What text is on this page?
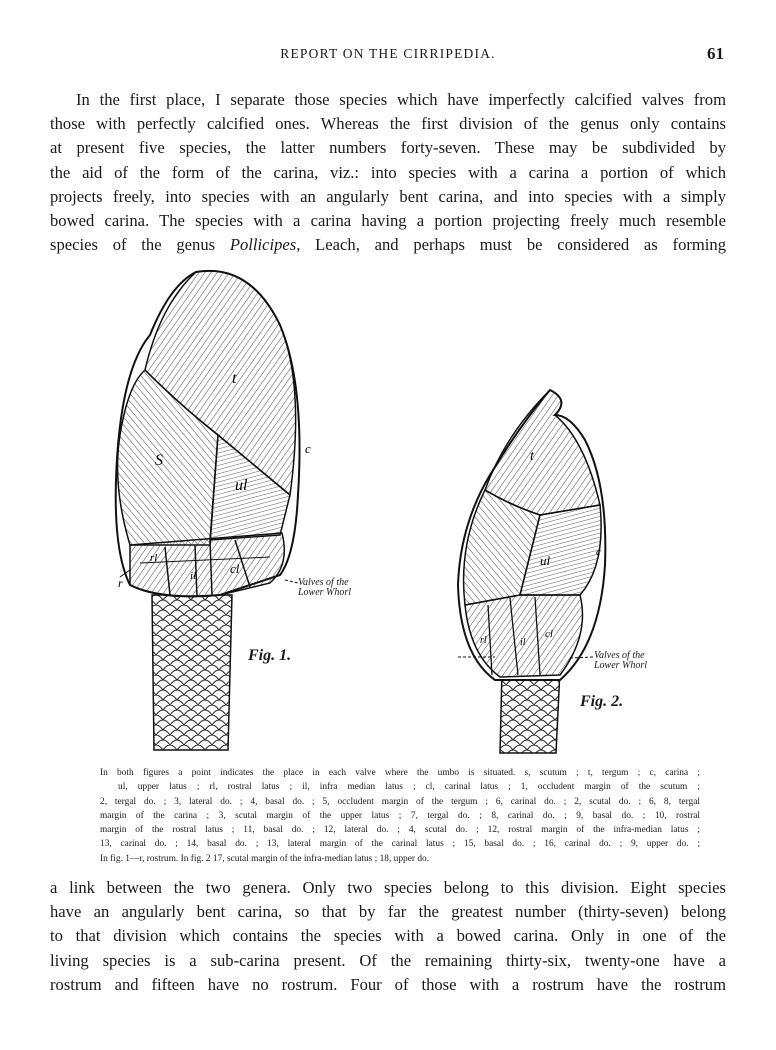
REPORT ON THE CIRRIPEDIA.	61
In the first place, I separate those species which have imperfectly calcified valves from
those with perfectly calcified ones. Whereas the first division of the genus only contains
at present five species, the latter numbers forty-seven. These may be subdivided by
the aid of the form of the carina, viz.: into species with a carina a portion of which
projects freely, into species with an angularly bent carina, and into species with a simply
bowed carina. The species with a carina having a portion projecting freely much resemble
species of the genus Pollicipes, Leach, and perhaps must be considered as forming
t
S
ul
c
cl
rl
il
r
t
ul
c
cl
il
rl
Valves of the
Lower Whorl
Valves of the
Lower Whorl
Fig. 1.
Fig. 2.
In both figures a point indicates the place in each valve where the umbo is situated. s, scutum ; t, tergum ; c, carina ;
ul, upper latus ; rl, rostral latus ; il, infra median latus ; cl, carinal latus ; 1, occludent margin of the scutum ;
2, tergal do. ; 3, lateral do. ; 4, basal do. ; 5, occludent margin of the tergum ; 6, carinal do. ; 2, scutal do. ; 6, 8, tergal
margin of the carina ; 3, scutal margin of the upper latus ; 7, tergal do. ; 8, carinal do. ; 9, basal do. ; 10, rostral
margin of the rostral latus ; 11, basal do. ; 12, lateral do. ; 4, scutal do. ; 12, rostral margin of the infra-median latus ;
13, carinal do. ; 14, basal do. ; 13, lateral margin of the carinal latus ; 15, basal do. ; 16, carinal do. ; 9, upper do. ;
In fig. 1—r, rostrum. In fig. 2 17, scutal margin of the infra-median latus ; 18, upper do.
a link between the two genera. Only two species belong to this division. Eight species
have an angularly bent carina, so that by far the greatest number (thirty-seven) belong
to that division which contains the species with a bowed carina. Only in one of the
living species is a sub-carina present. Of the remaining thirty-six, twenty-one have a
rostrum and fifteen have no rostrum. Four of those with a rostrum have the rostrum
